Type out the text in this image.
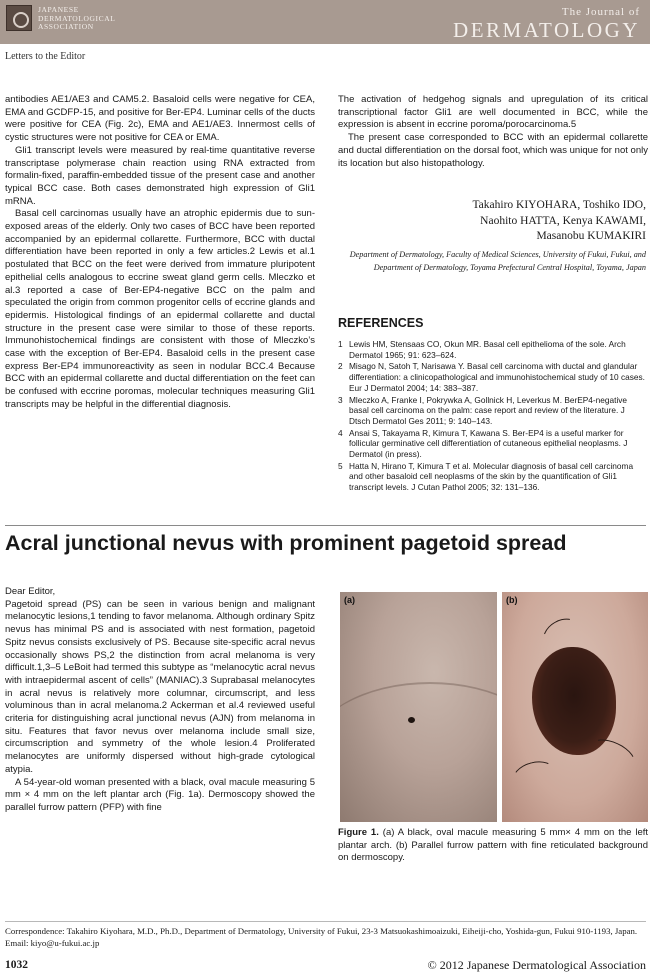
JAPANESE
DERMATOLOGICAL
ASSOCIATION
The Journal of
DERMATOLOGY
Letters to the Editor

antibodies AE1/AE3 and CAM5.2. Basaloid cells were negative for CEA, EMA and GCDFP-15, and positive for Ber-EP4. Luminar cells of the ducts were positive for CEA (Fig. 2c), EMA and AE1/AE3. Innermost cells of cystic structures were not positive for CEA or EMA.

Gli1 transcript levels were measured by real-time quantitative reverse transcriptase polymerase chain reaction using RNA extracted from formalin-fixed, paraffin-embedded tissue of the present case and another typical BCC case. Both cases demonstrated high expression of Gli1 mRNA.

Basal cell carcinomas usually have an atrophic epidermis due to sun-exposed areas of the elderly. Only two cases of BCC have been reported accompanied by an epidermal collarette. Furthermore, BCC with ductal differentiation have been reported in only a few articles.2 Lewis et al.1 postulated that BCC on the feet were derived from immature pluripotent epithelial cells analogous to eccrine sweat gland germ cells. Mleczko et al.3 reported a case of Ber-EP4-negative BCC on the palm and speculated the origin from common progenitor cells of eccrine glands and epidermis. Histological findings of an epidermal collarette and ductal structure in the present case were similar to those of these reports. Immunohistochemical findings are consistent with those of Mleczko’s case with the exception of Ber-EP4. Basaloid cells in the present case express Ber-EP4 immunoreactivity as seen in nodular BCC.4 Because BCC with an epidermal collarette and ductal differentiation on the feet can be confused with eccrine poromas, molecular techniques measuring Gli1 transcripts may be helpful in the differential diagnosis.

The activation of hedgehog signals and upregulation of its critical transcriptional factor Gli1 are well documented in BCC, while the expression is absent in eccrine poroma/porocarcinoma.5

The present case corresponded to BCC with an epidermal collarette and ductal differentiation on the dorsal foot, which was unique for not only its location but also histopathology.

Takahiro KIYOHARA, Toshiko IDO,
Naohito HATTA, Kenya KAWAMI,
Masanobu KUMAKIRI
Department of Dermatology, Faculty of Medical Sciences, University of Fukui, Fukui, and Department of Dermatology, Toyama Prefectural Central Hospital, Toyama, Japan
REFERENCES
1 Lewis HM, Stensaas CO, Okun MR. Basal cell epithelioma of the sole. Arch Dermatol 1965; 91: 623–624.
2 Misago N, Satoh T, Narisawa Y. Basal cell carcinoma with ductal and glandular differentiation: a clinicopathological and immunohistochemical study of 10 cases. Eur J Dermatol 2004; 14: 383–387.
3 Mleczko A, Franke I, Pokrywka A, Gollnick H, Leverkus M. BerEP4-negative basal cell carcinoma on the palm: case report and review of the literature. J Dtsch Dermatol Ges 2011; 9: 140–143.
4 Ansai S, Takayama R, Kimura T, Kawana S. Ber-EP4 is a useful marker for follicular germinative cell differentiation of cutaneous epithelial neoplasms. J Dermatol (in press).
5 Hatta N, Hirano T, Kimura T et al. Molecular diagnosis of basal cell carcinoma and other basaloid cell neoplasms of the skin by the quantification of Gli1 transcript levels. J Cutan Pathol 2005; 32: 131–136.
Acral junctional nevus with prominent pagetoid spread

Dear Editor,

Pagetoid spread (PS) can be seen in various benign and malignant melanocytic lesions,1 tending to favor melanoma. Although ordinary Spitz nevus has minimal PS and is associated with nest formation, pagetoid Spitz nevus consists exclusively of PS. Because site-specific acral nevus occasionally shows PS,2 the distinction from acral melanoma is very difficult.1,3–5 LeBoit had termed this subtype as “melanocytic acral nevus with intraepidermal ascent of cells” (MANIAC).3 Suprabasal melanocytes in acral nevus is relatively more columnar, circumscript, and less voluminous than in acral melanoma.2 Ackerman et al.4 reviewed useful criteria for distinguishing acral junctional nevus (AJN) from melanoma in situ. Features that favor nevus over melanoma include small size, circumscription and symmetry of the whole lesion.4 Proliferated melanocytes are uniformly dispersed without high-grade cytological atypia.

A 54-year-old woman presented with a black, oval macule measuring 5 mm × 4 mm on the left plantar arch (Fig. 1a). Dermoscopy showed the parallel furrow pattern (PFP) with fine

(a)	(b)
Figure 1. (a) A black, oval macule measuring 5 mm× 4 mm on the left plantar arch. (b) Parallel furrow pattern with fine reticulated background on dermoscopy.
Correspondence: Takahiro Kiyohara, M.D., Ph.D., Department of Dermatology, University of Fukui, 23-3 Matsuokashimoaizuki, Eiheiji-cho, Yoshida-gun, Fukui 910-1193, Japan. Email: kiyo@u-fukui.ac.jp
1032	© 2012 Japanese Dermatological Association
